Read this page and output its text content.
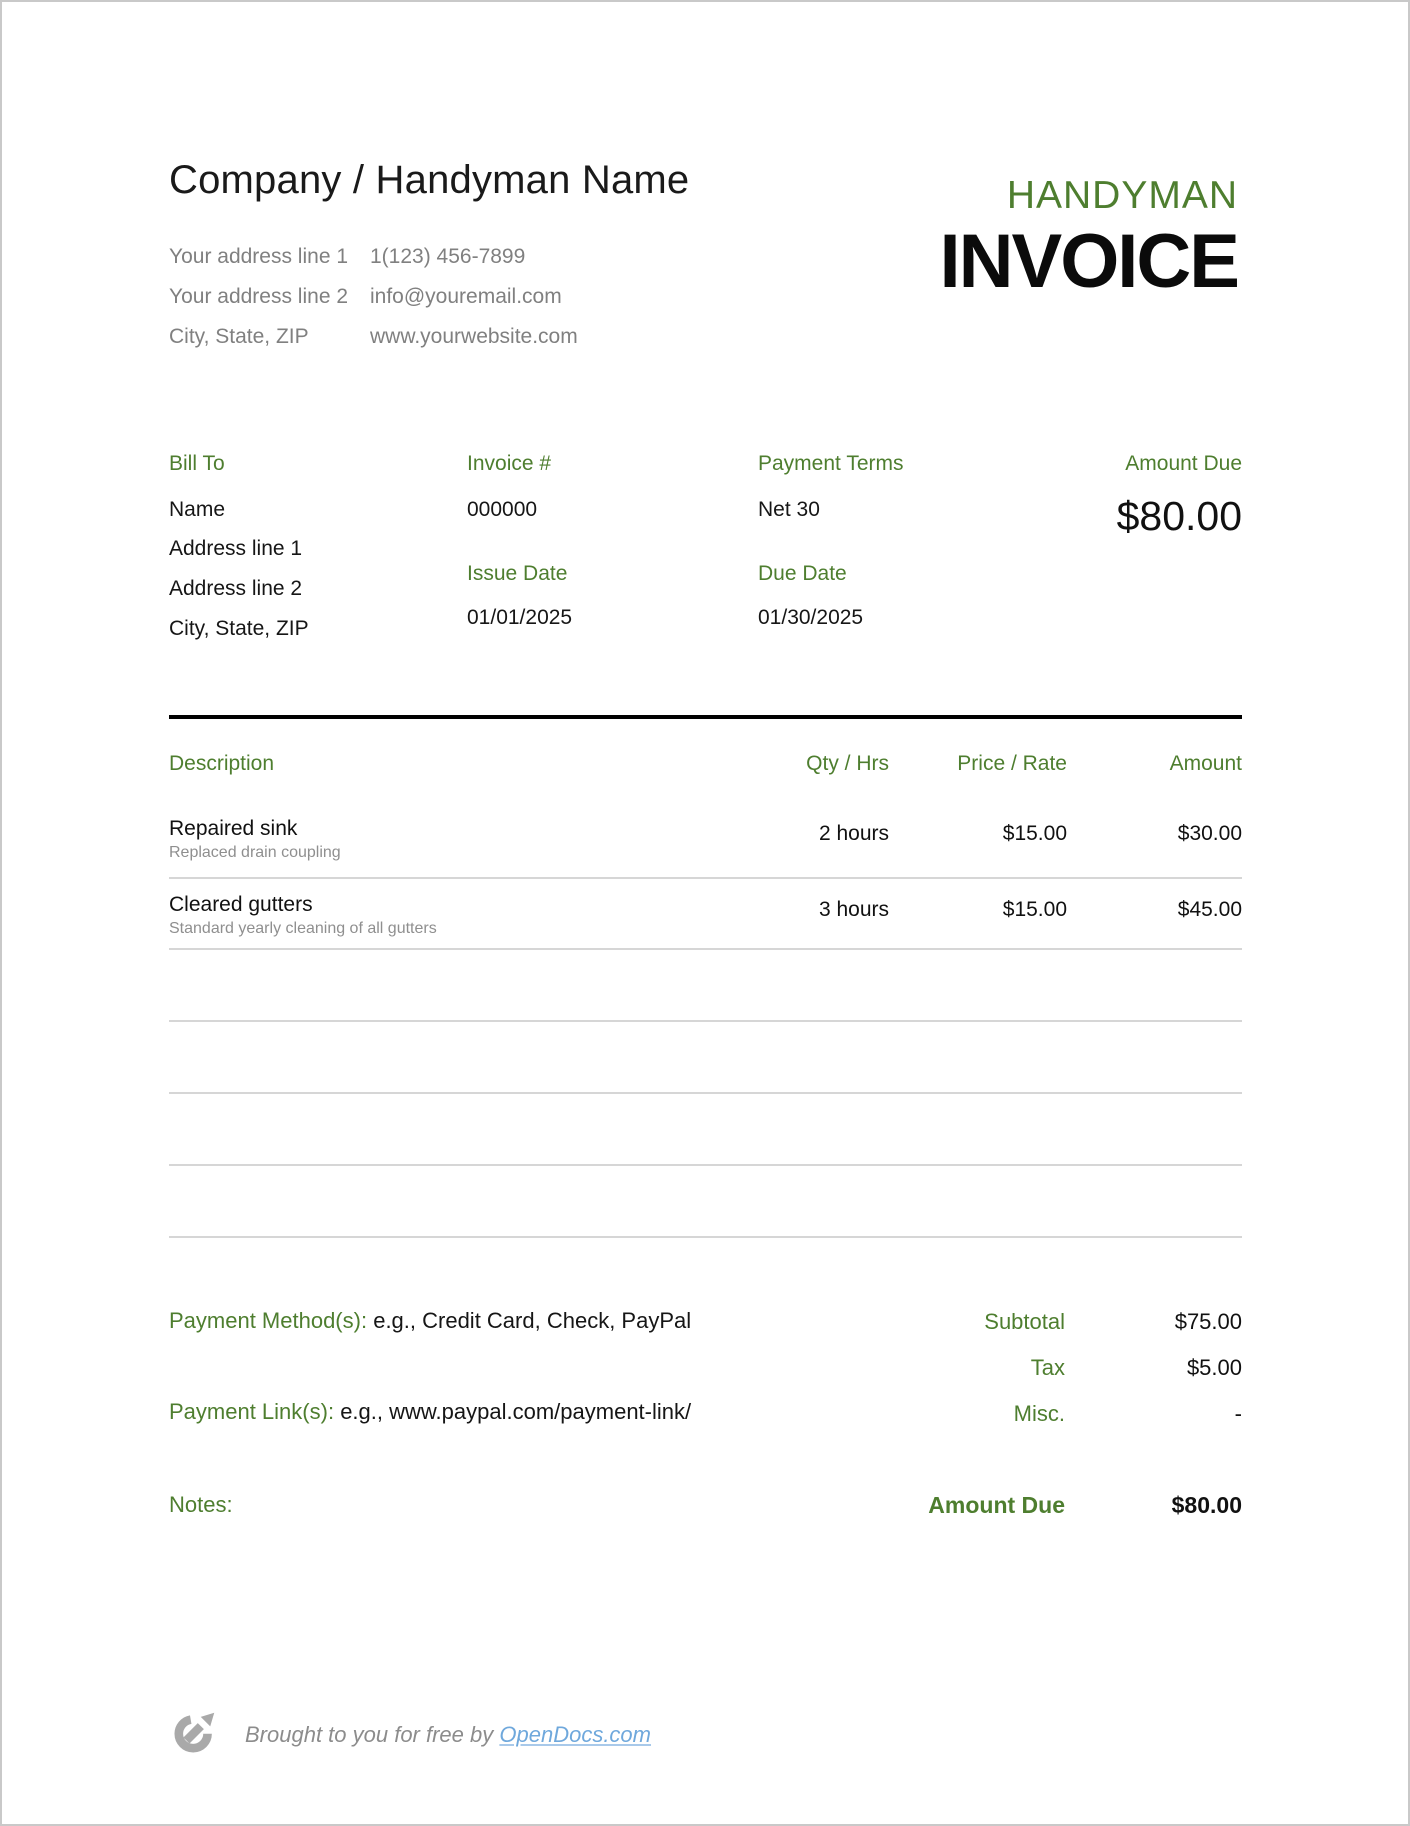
Company / Handyman Name
Your address line 1	1(123) 456-7899
Your address line 2	info@youremail.com
City, State, ZIP	www.yourwebsite.com
HANDYMAN
INVOICE
Bill To
Name
Address line 1
Address line 2
City, State, ZIP
Invoice #
000000
Issue Date
01/01/2025
Payment Terms
Net 30
Due Date
01/30/2025
Amount Due
$80.00
Description	Qty / Hrs	Price / Rate	Amount
Repaired sink
Replaced drain coupling
2 hours	$15.00	$30.00
Cleared gutters
Standard yearly cleaning of all gutters
3 hours	$15.00	$45.00
Payment Method(s): e.g., Credit Card, Check, PayPal
Payment Link(s): e.g., www.paypal.com/payment-link/
Notes:
Subtotal	$75.00
Tax	$5.00
Misc.	-
Amount Due	$80.00
Brought to you for free by OpenDocs.com
